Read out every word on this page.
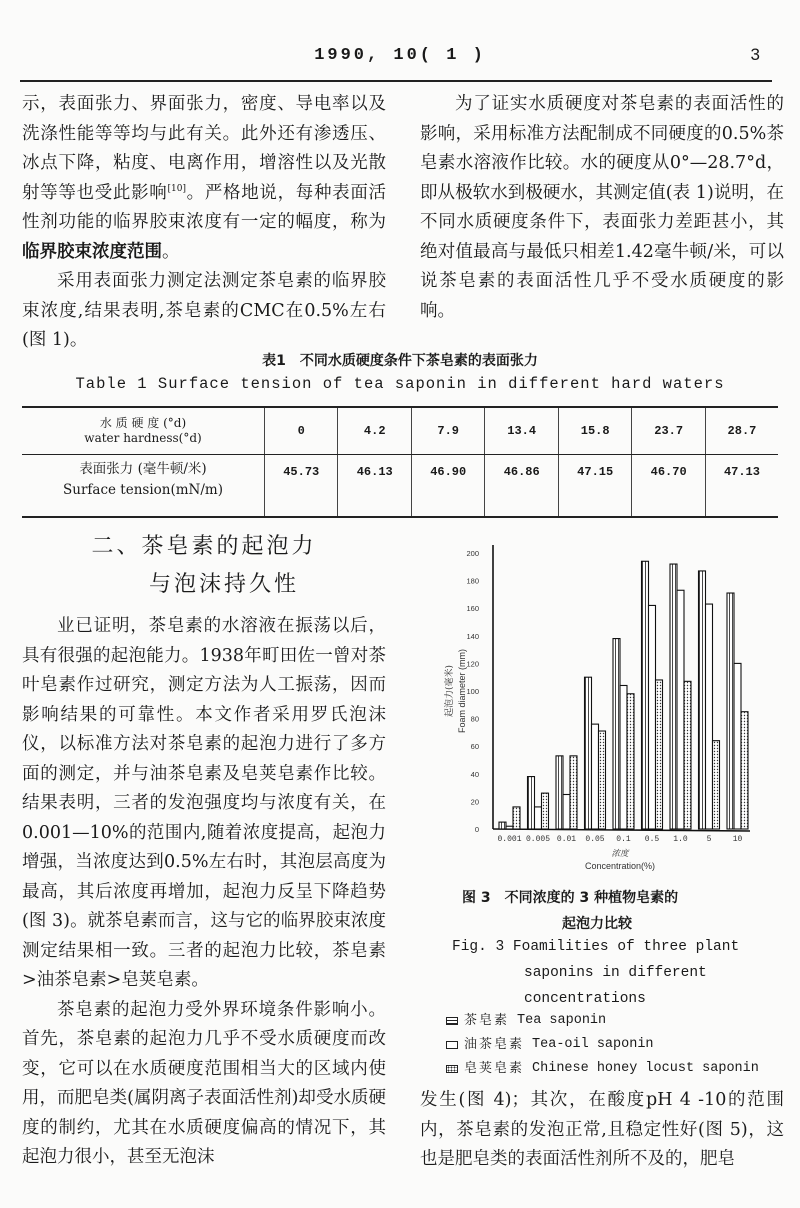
1990, 10( 1 )	3

示，表面张力、界面张力，密度、导电率以及洗涤性能等等均与此有关。此外还有渗透压、冰点下降，粘度、电离作用，增溶性以及光散射等等也受此影响[10]。严格地说，每种表面活性剂功能的临界胶束浓度有一定的幅度，称为临界胶束浓度范围。

采用表面张力测定法测定茶皂素的临界胶束浓度,结果表明,茶皂素的CMC在0.5%左右(图 1)。

为了证实水质硬度对茶皂素的表面活性的影响，采用标准方法配制成不同硬度的0.5%茶皂素水溶液作比较。水的硬度从0°—28.7°d，即从极软水到极硬水，其测定值(表 1)说明，在不同水质硬度条件下，表面张力差距甚小，其绝对值最高与最低只相差1.42毫牛顿/米，可以说茶皂素的表面活性几乎不受水质硬度的影响。

表1　不同水质硬度条件下茶皂素的表面张力
Table 1 Surface tension of tea saponin in different hard waters
水 质 硬 度 (°d)
water hardness(°d)	0	4.2	7.9	13.4	15.8	23.7	28.7

表面张力 (毫牛顿/米)
Surface tension(mN/m)	45.73	46.13	46.90	46.86	47.15	46.70	47.13
二、茶皂素的起泡力
与泡沫持久性

业已证明，茶皂素的水溶液在振荡以后，具有很强的起泡能力。1938年町田佐一曾对茶叶皂素作过研究，测定方法为人工振荡，因而影响结果的可靠性。本文作者采用罗氏泡沫仪，以标准方法对茶皂素的起泡力进行了多方面的测定，并与油茶皂素及皂荚皂素作比较。结果表明，三者的发泡强度均与浓度有关，在0.001—10%的范围内,随着浓度提高，起泡力增强，当浓度达到0.5%左右时，其泡层高度为最高，其后浓度再增加，起泡力反呈下降趋势(图 3)。就茶皂素而言，这与它的临界胶束浓度测定结果相一致。三者的起泡力比较，茶皂素>油茶皂素>皂荚皂素。

茶皂素的起泡力受外界环境条件影响小。首先，茶皂素的起泡力几乎不受水质硬度而改变，它可以在水质硬度范围相当大的区域内使用，而肥皂类(属阴离子表面活性剂)却受水质硬度的制约，尤其在水质硬度偏高的情况下，其起泡力很小，甚至无泡沫

0
20
40
60
80
100
120
140
160
180
200
起泡力(毫米) Foam diameter (mm)
0.001 0.005 0.01 0.05 0.1 0.5 1.0 5	10
浓度
Concentration(%)
图 3　不同浓度的 3 种植物皂素的
起泡力比较
Fig. 3 Foamilities of three plant
saponins in different
concentrations
茶皂素 Tea saponin
油茶皂素 Tea-oil saponin
皂荚皂素 Chinese honey locust saponin

发生(图 4)；其次，在酸度pH 4 -10的范围内，茶皂素的发泡正常,且稳定性好(图 5)，这也是肥皂类的表面活性剂所不及的，肥皂
